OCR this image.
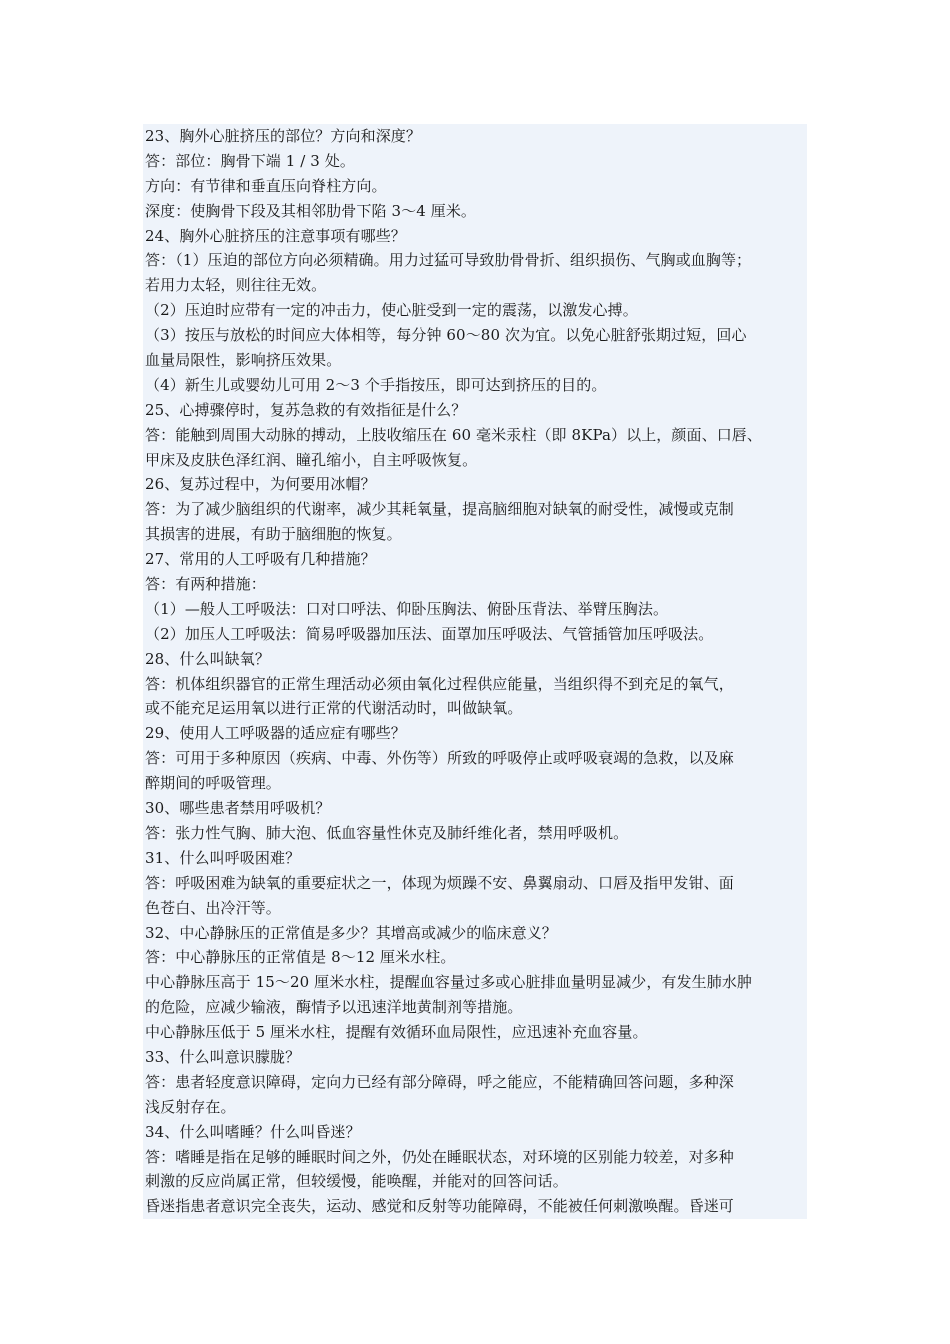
23、胸外心脏挤压的部位？方向和深度？
答：部位：胸骨下端 1 / 3 处。
方向：有节律和垂直压向脊柱方向。
深度：使胸骨下段及其相邻肋骨下陷 3～4 厘米。
24、胸外心脏挤压的注意事项有哪些？
答：（1）压迫的部位方向必须精确。用力过猛可导致肋骨骨折、组织损伤、气胸或血胸等；
若用力太轻，则往往无效。
（2）压迫时应带有一定的冲击力，使心脏受到一定的震荡，以激发心搏。
（3）按压与放松的时间应大体相等，每分钟 60～80 次为宜。以免心脏舒张期过短，回心
血量局限性，影响挤压效果。
（4）新生儿或婴幼儿可用 2～3 个手指按压，即可达到挤压的目的。
25、心搏骤停时，复苏急救的有效指征是什么？
答：能触到周围大动脉的搏动，上肢收缩压在 60 毫米汞柱（即 8KPa）以上，颜面、口唇、
甲床及皮肤色泽红润、瞳孔缩小，自主呼吸恢复。
26、复苏过程中，为何要用冰帽？
答：为了减少脑组织的代谢率，减少其耗氧量，提高脑细胞对缺氧的耐受性，减慢或克制
其损害的进展，有助于脑细胞的恢复。
27、常用的人工呼吸有几种措施？
答：有两种措施：
（1）—般人工呼吸法：口对口呼法、仰卧压胸法、俯卧压背法、举臂压胸法。
（2）加压人工呼吸法：简易呼吸器加压法、面罩加压呼吸法、气管插管加压呼吸法。
28、什么叫缺氧？
答：机体组织器官的正常生理活动必须由氧化过程供应能量，当组织得不到充足的氧气，
或不能充足运用氧以进行正常的代谢活动时，叫做缺氧。
29、使用人工呼吸器的适应症有哪些？
答：可用于多种原因（疾病、中毒、外伤等）所致的呼吸停止或呼吸衰竭的急救，以及麻
醉期间的呼吸管理。
30、哪些患者禁用呼吸机？
答：张力性气胸、肺大泡、低血容量性休克及肺纤维化者，禁用呼吸机。
31、什么叫呼吸困难？
答：呼吸困难为缺氧的重要症状之一，体现为烦躁不安、鼻翼扇动、口唇及指甲发钳、面
色苍白、出冷汗等。
32、中心静脉压的正常值是多少？其增高或减少的临床意义？
答：中心静脉压的正常值是 8～12 厘米水柱。
中心静脉压高于 15～20 厘米水柱，提醒血容量过多或心脏排血量明显减少，有发生肺水肿
的危险，应减少输液，酶情予以迅速洋地黄制剂等措施。
中心静脉压低于 5 厘米水柱，提醒有效循环血局限性，应迅速补充血容量。
33、什么叫意识朦胧？
答：患者轻度意识障碍，定向力已经有部分障碍，呼之能应，不能精确回答问题，多种深
浅反射存在。
34、什么叫嗜睡？什么叫昏迷？
答：嗜睡是指在足够的睡眠时间之外，仍处在睡眠状态，对环境的区别能力较差，对多种
刺激的反应尚属正常，但较缓慢，能唤醒，并能对的回答问话。
昏迷指患者意识完全丧失，运动、感觉和反射等功能障碍，不能被任何刺激唤醒。昏迷可
